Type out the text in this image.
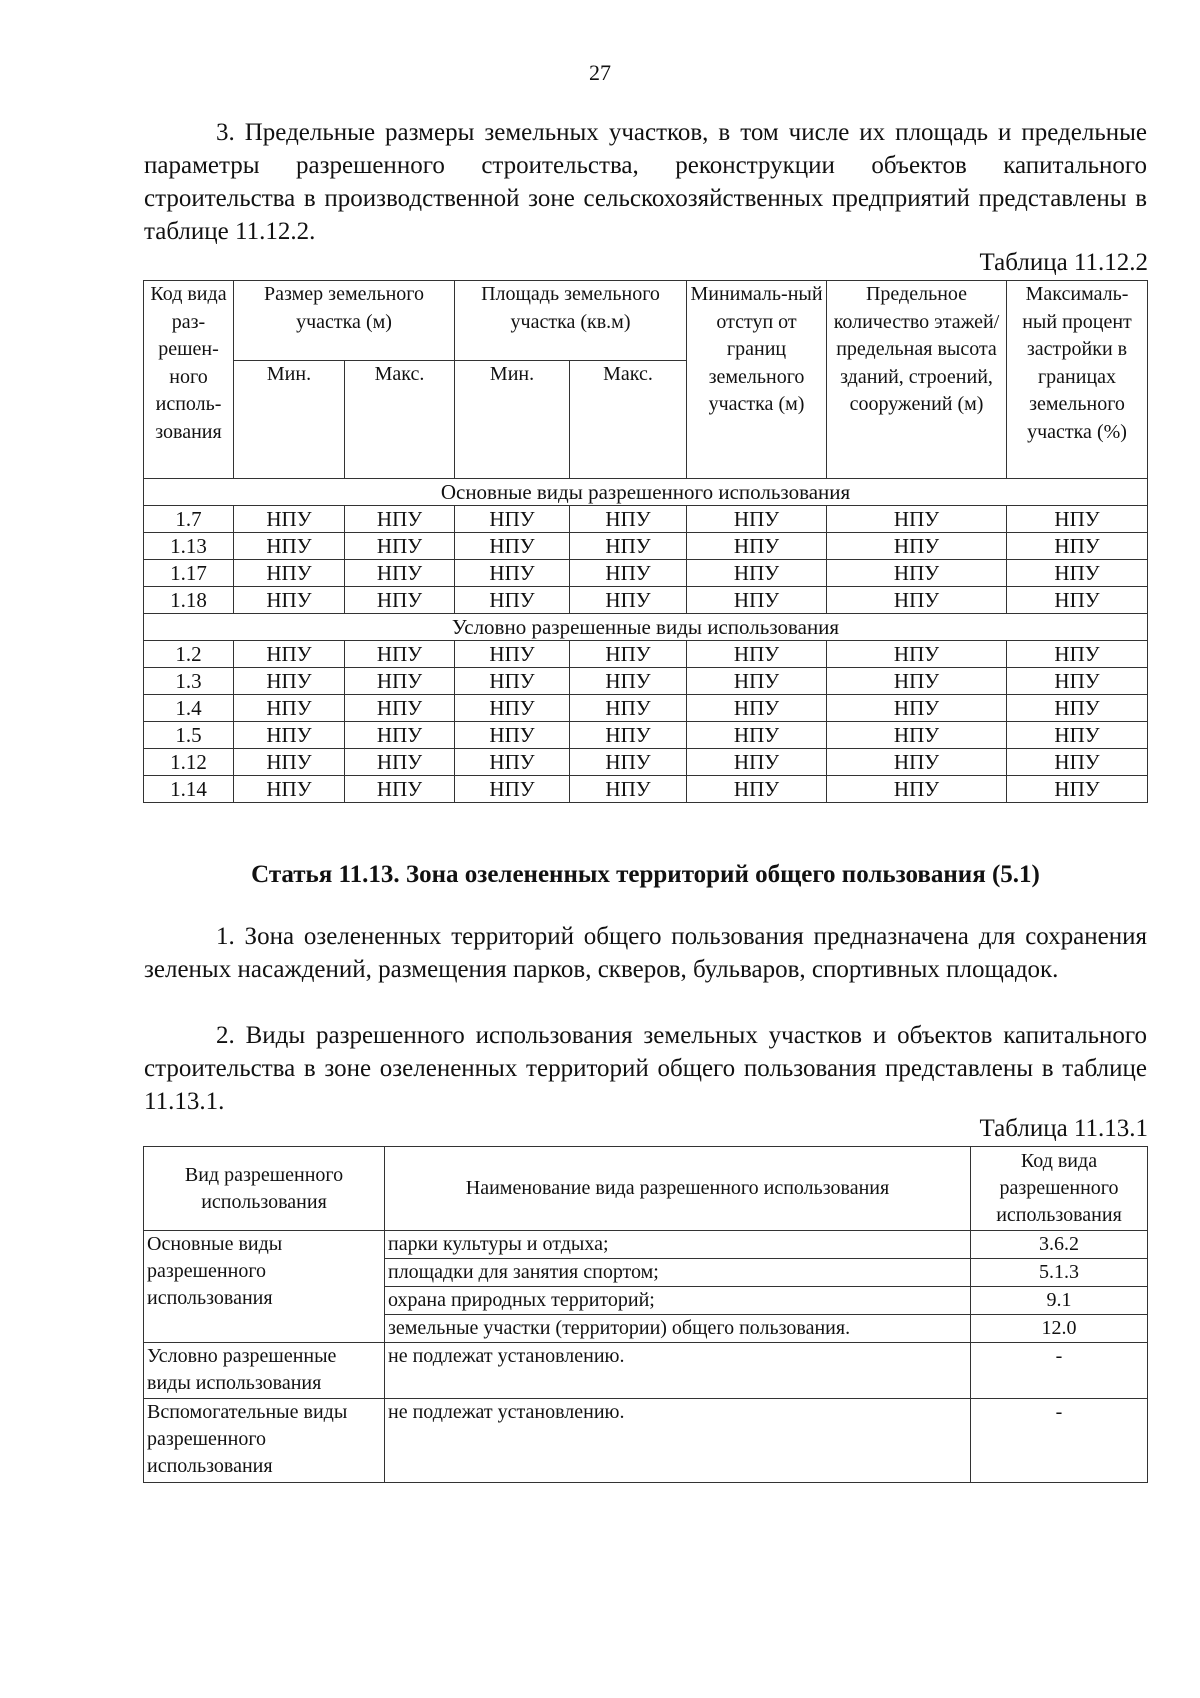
27

3. Предельные размеры земельных участков, в том числе их площадь и предельные параметры разрешенного строительства, реконструкции объектов капитального строительства в производственной зоне сельскохозяйственных предприятий представлены в таблице 11.12.2.

Таблица 11.12.2
Код вида раз-решен-ного исполь-зования	Размер земельного участка (м)		Площадь земельного участка (кв.м)		Минималь-ный отступ от границ земельного участка (м)	Предельное количество этажей/ предельная высота зданий, строений, сооружений (м)	Максималь-ный процент застройки в границах земельного участка (%)
	Мин.	Макс.	Мин.	Макс.			
Основные виды разрешенного использования							
1.7	НПУ	НПУ	НПУ	НПУ	НПУ	НПУ	НПУ
1.13	НПУ	НПУ	НПУ	НПУ	НПУ	НПУ	НПУ
1.17	НПУ	НПУ	НПУ	НПУ	НПУ	НПУ	НПУ
1.18	НПУ	НПУ	НПУ	НПУ	НПУ	НПУ	НПУ
Условно разрешенные виды использования							
1.2	НПУ	НПУ	НПУ	НПУ	НПУ	НПУ	НПУ
1.3	НПУ	НПУ	НПУ	НПУ	НПУ	НПУ	НПУ
1.4	НПУ	НПУ	НПУ	НПУ	НПУ	НПУ	НПУ
1.5	НПУ	НПУ	НПУ	НПУ	НПУ	НПУ	НПУ
1.12	НПУ	НПУ	НПУ	НПУ	НПУ	НПУ	НПУ
1.14	НПУ	НПУ	НПУ	НПУ	НПУ	НПУ	НПУ
Статья 11.13. Зона озелененных территорий общего пользования (5.1)

1. Зона озелененных территорий общего пользования предназначена для сохранения зеленых насаждений, размещения парков, скверов, бульваров, спортивных площадок.

2. Виды разрешенного использования земельных участков и объектов капитального строительства в зоне озелененных территорий общего пользования представлены в таблице 11.13.1.

Таблица 11.13.1
Вид разрешенного использования	Наименование вида разрешенного использования	Код вида разрешенного использования
Основные виды разрешенного использования	парки культуры и отдыха;	3.6.2
	площадки для занятия спортом;	5.1.3
	охрана природных территорий;	9.1
	земельные участки (территории) общего пользования.	12.0
Условно разрешенные виды использования	не подлежат установлению.	-
Вспомогательные виды разрешенного использования	не подлежат установлению.	-
